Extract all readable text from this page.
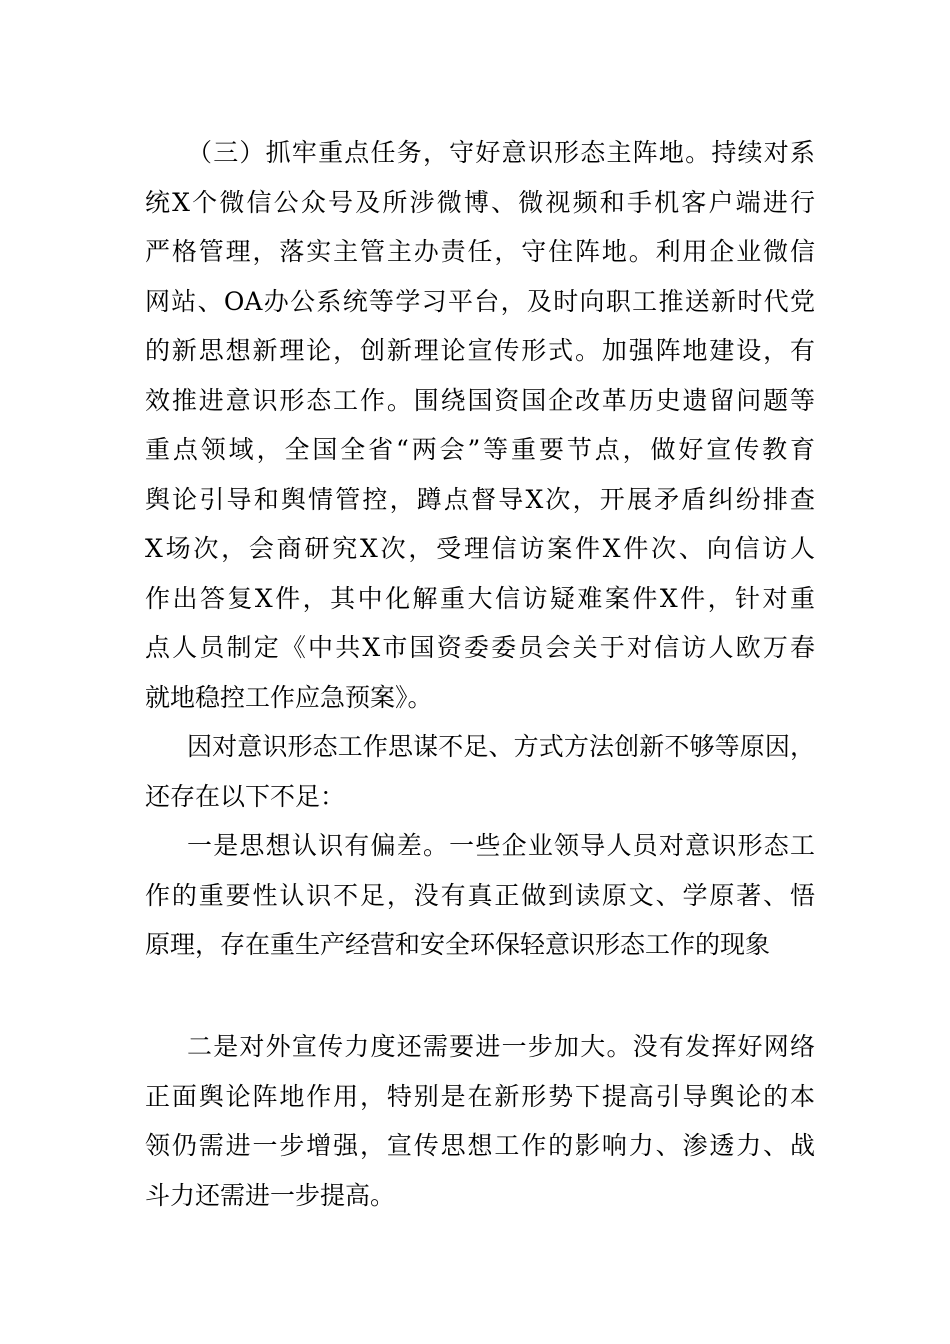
（三）抓牢重点任务，守好意识形态主阵地。持续对系
统X个微信公众号及所涉微博、微视频和手机客户端进行
严格管理，落实主管主办责任，守住阵地。利用企业微信
网站、OA办公系统等学习平台，及时向职工推送新时代党
的新思想新理论，创新理论宣传形式。加强阵地建设，有
效推进意识形态工作。围绕国资国企改革历史遗留问题等
重点领域，全国全省“两会”等重要节点，做好宣传教育
舆论引导和舆情管控，蹲点督导X次，开展矛盾纠纷排查
X场次，会商研究X次，受理信访案件X件次、向信访人
作出答复X件，其中化解重大信访疑难案件X件，针对重
点人员制定《中共X市国资委委员会关于对信访人欧万春
就地稳控工作应急预案》。
因对意识形态工作思谋不足、方式方法创新不够等原因，
还存在以下不足：
一是思想认识有偏差。一些企业领导人员对意识形态工
作的重要性认识不足，没有真正做到读原文、学原著、悟
原理，存在重生产经营和安全环保轻意识形态工作的现象
二是对外宣传力度还需要进一步加大。没有发挥好网络
正面舆论阵地作用，特别是在新形势下提高引导舆论的本
领仍需进一步增强，宣传思想工作的影响力、渗透力、战
斗力还需进一步提高。
